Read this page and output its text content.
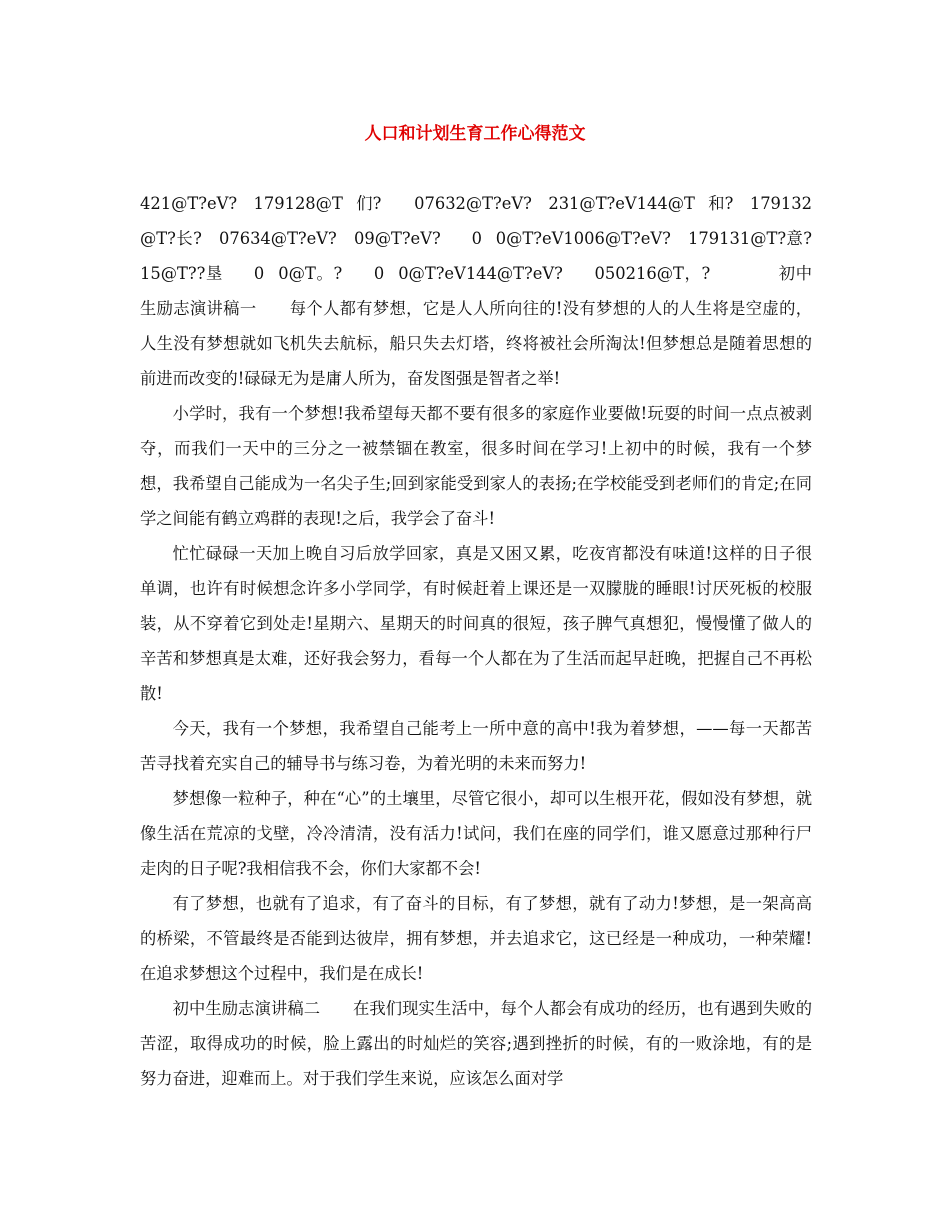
人口和计划生育工作心得范文

421@T?eV?　179128@T 们?　　07632@T?eV?　231@T?eV144@T 和?　179132@T?长?　07634@T?eV?　09@T?eV?　 0 0@T?eV1006@T?eV?　179131@T?意?　15@T??垦　 0 0@T。?　 0 0@T?eV144@T?eV?　 050216@T，?　　　　初中生励志演讲稿一　　每个人都有梦想，它是人人所向往的!没有梦想的人的人生将是空虚的，人生没有梦想就如飞机失去航标，船只失去灯塔，终将被社会所淘汰!但梦想总是随着思想的前进而改变的!碌碌无为是庸人所为，奋发图强是智者之举!

小学时，我有一个梦想!我希望每天都不要有很多的家庭作业要做!玩耍的时间一点点被剥夺，而我们一天中的三分之一被禁锢在教室，很多时间在学习!上初中的时候，我有一个梦想，我希望自己能成为一名尖子生;回到家能受到家人的表扬;在学校能受到老师们的肯定;在同学之间能有鹤立鸡群的表现!之后，我学会了奋斗!

忙忙碌碌一天加上晚自习后放学回家，真是又困又累，吃夜宵都没有味道!这样的日子很单调，也许有时候想念许多小学同学，有时候赶着上课还是一双朦胧的睡眼!讨厌死板的校服装，从不穿着它到处走!星期六、星期天的时间真的很短，孩子脾气真想犯，慢慢懂了做人的辛苦和梦想真是太难，还好我会努力，看每一个人都在为了生活而起早赶晚，把握自己不再松散!

今天，我有一个梦想，我希望自己能考上一所中意的高中!我为着梦想，——每一天都苦苦寻找着充实自己的辅导书与练习卷，为着光明的未来而努力!

梦想像一粒种子，种在“心”的土壤里，尽管它很小，却可以生根开花，假如没有梦想，就像生活在荒凉的戈壁，冷冷清清，没有活力!试问，我们在座的同学们，谁又愿意过那种行尸走肉的日子呢?我相信我不会，你们大家都不会!

有了梦想，也就有了追求，有了奋斗的目标，有了梦想，就有了动力!梦想，是一架高高的桥梁，不管最终是否能到达彼岸，拥有梦想，并去追求它，这已经是一种成功，一种荣耀!在追求梦想这个过程中，我们是在成长!

初中生励志演讲稿二　　在我们现实生活中，每个人都会有成功的经历，也有遇到失败的苦涩，取得成功的时候，脸上露出的时灿烂的笑容;遇到挫折的时候，有的一败涂地，有的是努力奋进，迎难而上。对于我们学生来说，应该怎么面对学
